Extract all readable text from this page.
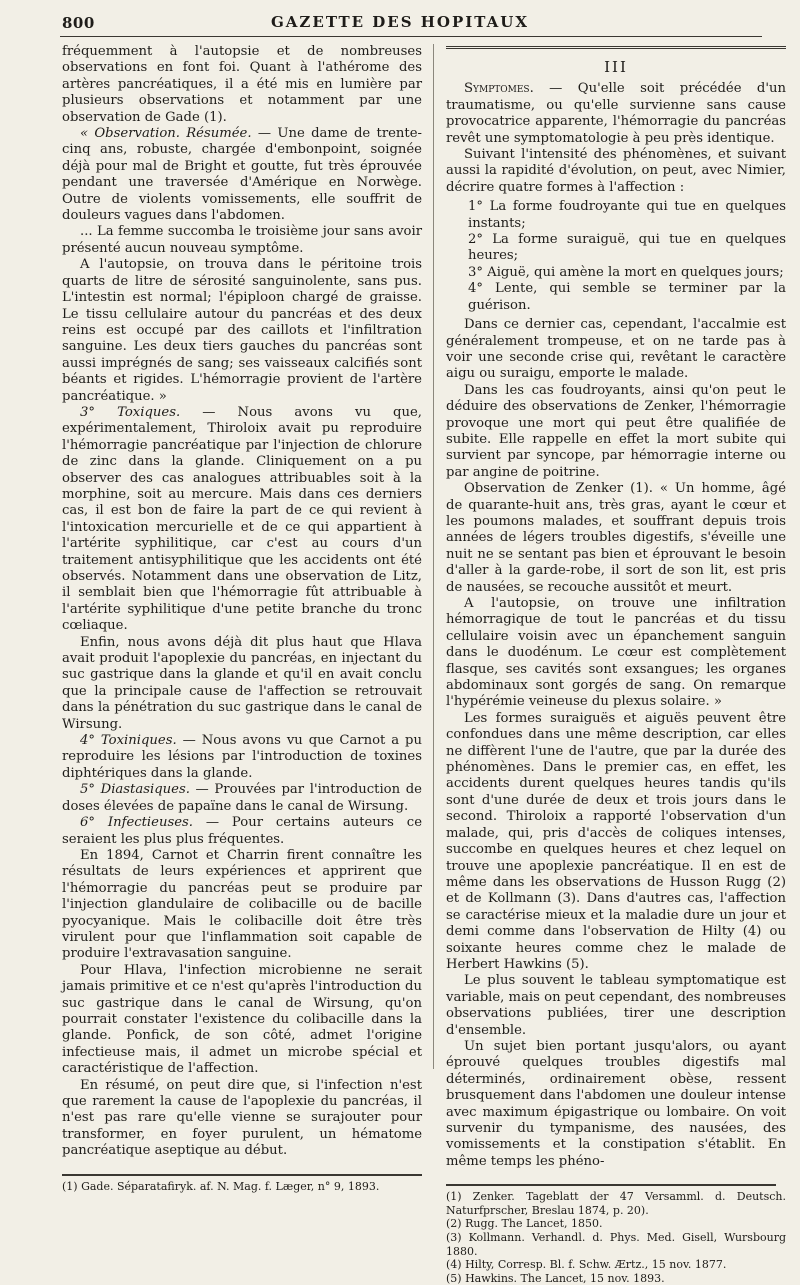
800	GAZETTE DES HOPITAUX

fréquemment à l'autopsie et de nombreuses observations en font foi. Quant à l'athérome des artères pancréatiques, il a été mis en lumière par plusieurs observations et notamment par une observation de Gade (1).

« Observation. Résumée. — Une dame de trente-cinq ans, robuste, chargée d'embonpoint, soignée déjà pour mal de Bright et goutte, fut très éprouvée pendant une traversée d'Amérique en Norwège. Outre de violents vomissements, elle souffrit de douleurs vagues dans l'abdomen.

... La femme succomba le troisième jour sans avoir présenté aucun nouveau symptôme.

A l'autopsie, on trouva dans le péritoine trois quarts de litre de sérosité sanguinolente, sans pus. L'intestin est normal; l'épiploon chargé de graisse. Le tissu cellulaire autour du pancréas et des deux reins est occupé par des caillots et l'infiltration sanguine. Les deux tiers gauches du pancréas sont aussi imprégnés de sang; ses vaisseaux calcifiés sont béants et rigides. L'hémorragie provient de l'artère pancréatique. »

3° Toxiques. — Nous avons vu que, expérimentalement, Thiroloix avait pu reproduire l'hémorragie pancréatique par l'injection de chlorure de zinc dans la glande. Cliniquement on a pu observer des cas analogues attribuables soit à la morphine, soit au mercure. Mais dans ces derniers cas, il est bon de faire la part de ce qui revient à l'intoxication mercurielle et de ce qui appartient à l'artérite syphilitique, car c'est au cours d'un traitement antisyphilitique que les accidents ont été observés. Notamment dans une observation de Litz, il semblait bien que l'hémorragie fût attribuable à l'artérite syphilitique d'une petite branche du tronc cœliaque.

Enfin, nous avons déjà dit plus haut que Hlava avait produit l'apoplexie du pancréas, en injectant du suc gastrique dans la glande et qu'il en avait conclu que la principale cause de l'affection se retrouvait dans la pénétration du suc gastrique dans le canal de Wirsung.

4° Toxiniques. — Nous avons vu que Carnot a pu reproduire les lésions par l'introduction de toxines diphtériques dans la glande.

5° Diastasiques. — Prouvées par l'introduction de doses élevées de papaïne dans le canal de Wirsung.

6° Infectieuses. — Pour certains auteurs ce seraient les plus plus fréquentes.

En 1894, Carnot et Charrin firent connaître les résultats de leurs expériences et apprirent que l'hémorragie du pancréas peut se produire par l'injection glandulaire de colibacille ou de bacille pyocyanique. Mais le colibacille doit être très virulent pour que l'inflammation soit capable de produire l'extravasation sanguine.

Pour Hlava, l'infection microbienne ne serait jamais primitive et ce n'est qu'après l'introduction du suc gastrique dans le canal de Wirsung, qu'on pourrait constater l'existence du colibacille dans la glande. Ponfick, de son côté, admet l'origine infectieuse mais, il admet un microbe spécial et caractéristique de l'affection.

En résumé, on peut dire que, si l'infection n'est que rarement la cause de l'apoplexie du pancréas, il n'est pas rare qu'elle vienne se surajouter pour transformer, en foyer purulent, un hématome pancréatique aseptique au début.

(1) Gade. Séparatafiryk. af. N. Mag. f. Læger, n° 9, 1893.

III

Symptomes. — Qu'elle soit précédée d'un traumatisme, ou qu'elle survienne sans cause provocatrice apparente, l'hémorragie du pancréas revêt une symptomatologie à peu près identique.

Suivant l'intensité des phénomènes, et suivant aussi la rapidité d'évolution, on peut, avec Nimier, décrire quatre formes à l'affection :

1° La forme foudroyante qui tue en quelques instants;
2° La forme suraiguë, qui tue en quelques heures;
3° Aiguë, qui amène la mort en quelques jours;
4° Lente, qui semble se terminer par la guérison.

Dans ce dernier cas, cependant, l'accalmie est généralement trompeuse, et on ne tarde pas à voir une seconde crise qui, revêtant le caractère aigu ou suraigu, emporte le malade.

Dans les cas foudroyants, ainsi qu'on peut le déduire des observations de Zenker, l'hémorragie provoque une mort qui peut être qualifiée de subite. Elle rappelle en effet la mort subite qui survient par syncope, par hémorragie interne ou par angine de poitrine.

Observation de Zenker (1). « Un homme, âgé de quarante-huit ans, très gras, ayant le cœur et les poumons malades, et souffrant depuis trois années de légers troubles digestifs, s'éveille une nuit ne se sentant pas bien et éprouvant le besoin d'aller à la garde-robe, il sort de son lit, est pris de nausées, se recouche aussitôt et meurt.

A l'autopsie, on trouve une infiltration hémorragique de tout le pancréas et du tissu cellulaire voisin avec un épanchement sanguin dans le duodénum. Le cœur est complètement flasque, ses cavités sont exsangues; les organes abdominaux sont gorgés de sang. On remarque l'hypérémie veineuse du plexus solaire. »

Les formes suraiguës et aiguës peuvent être confondues dans une même description, car elles ne diffèrent l'une de l'autre, que par la durée des phénomènes. Dans le premier cas, en effet, les accidents durent quelques heures tandis qu'ils sont d'une durée de deux et trois jours dans le second. Thiroloix a rapporté l'observation d'un malade, qui, pris d'accès de coliques intenses, succombe en quelques heures et chez lequel on trouve une apoplexie pancréatique. Il en est de même dans les observations de Husson Rugg (2) et de Kollmann (3). Dans d'autres cas, l'affection se caractérise mieux et la maladie dure un jour et demi comme dans l'observation de Hilty (4) ou soixante heures comme chez le malade de Herbert Hawkins (5).

Le plus souvent le tableau symptomatique est variable, mais on peut cependant, des nombreuses observations publiées, tirer une description d'ensemble.

Un sujet bien portant jusqu'alors, ou ayant éprouvé quelques troubles digestifs mal déterminés, ordinairement obèse, ressent brusquement dans l'abdomen une douleur intense avec maximum épigastrique ou lombaire. On voit survenir du tympanisme, des nausées, des vomissements et la constipation s'établit. En même temps les phéno-

(1) Zenker. Tageblatt der 47 Versamml. d. Deutsch. Naturfprscher, Breslau 1874, p. 20).

(2) Rugg. The Lancet, 1850.

(3) Kollmann. Verhandl. d. Phys. Med. Gisell, Wursbourg 1880.

(4) Hilty, Corresp. Bl. f. Schw. Ærtz., 15 nov. 1877.

(5) Hawkins. The Lancet, 15 nov. 1893.
